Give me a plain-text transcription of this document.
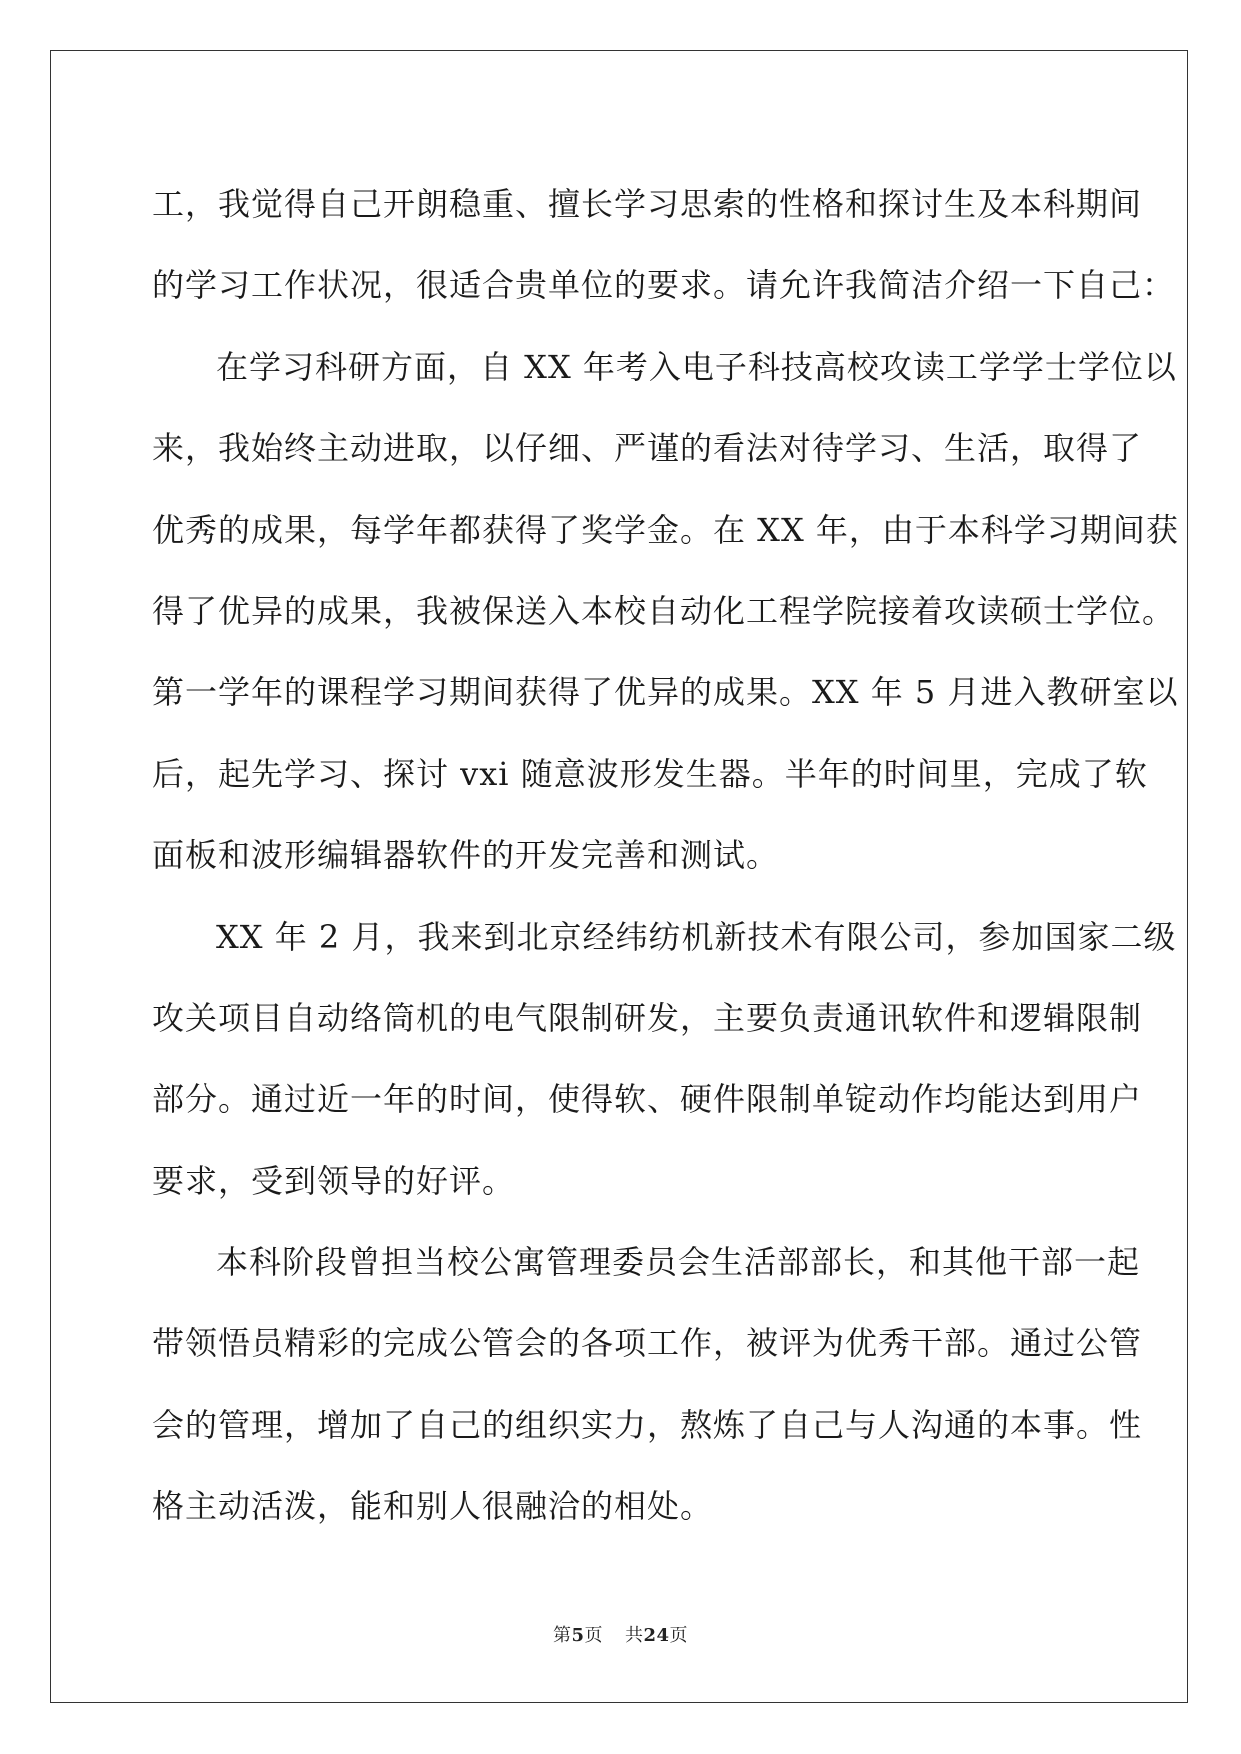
工，我觉得自己开朗稳重、擅长学习思索的性格和探讨生及本科期间
的学习工作状况，很适合贵单位的要求。请允许我简洁介绍一下自己：

在学习科研方面，自 XX 年考入电子科技高校攻读工学学士学位以
来，我始终主动进取，以仔细、严谨的看法对待学习、生活，取得了
优秀的成果，每学年都获得了奖学金。在 XX 年，由于本科学习期间获
得了优异的成果，我被保送入本校自动化工程学院接着攻读硕士学位。
第一学年的课程学习期间获得了优异的成果。XX 年 5 月进入教研室以
后，起先学习、探讨 vxi 随意波形发生器。半年的时间里，完成了软
面板和波形编辑器软件的开发完善和测试。

XX 年 2 月，我来到北京经纬纺机新技术有限公司，参加国家二级
攻关项目自动络筒机的电气限制研发，主要负责通讯软件和逻辑限制
部分。通过近一年的时间，使得软、硬件限制单锭动作均能达到用户
要求，受到领导的好评。

本科阶段曾担当校公寓管理委员会生活部部长，和其他干部一起
带领悟员精彩的完成公管会的各项工作，被评为优秀干部。通过公管
会的管理，增加了自己的组织实力，熬炼了自己与人沟通的本事。性
格主动活泼，能和别人很融洽的相处。

第5页 共24页
